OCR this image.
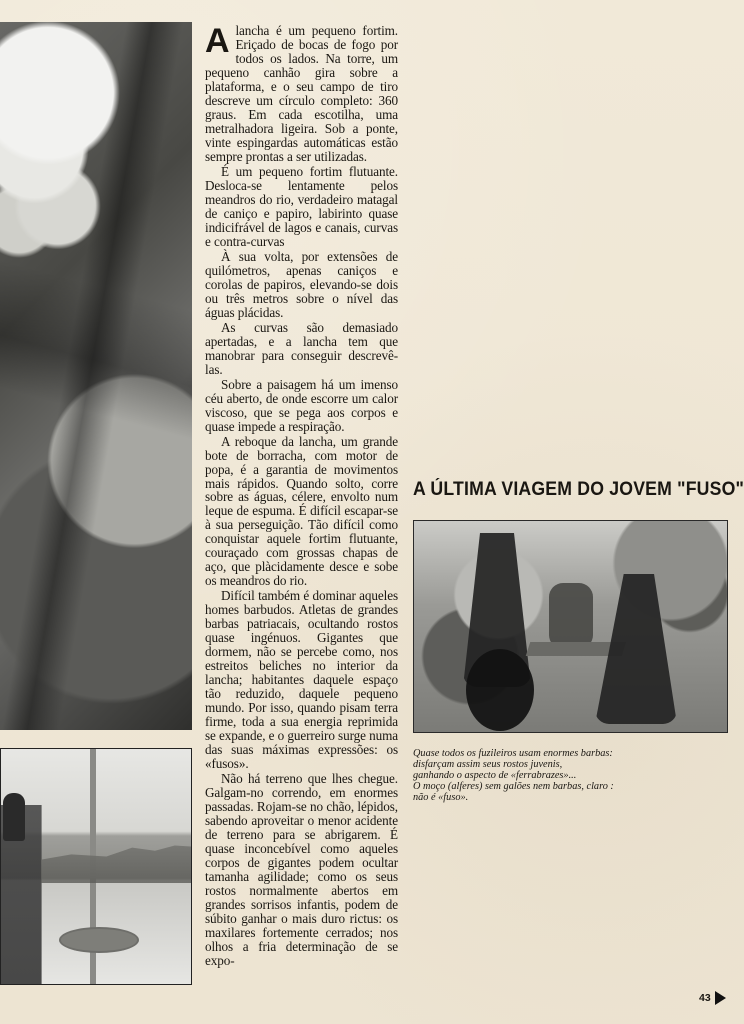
Alancha é um pequeno fortim. Eriçado de bocas de fogo por todos os lados. Na torre, um pequeno canhão gira sobre a plataforma, e o seu campo de tiro descreve um círculo completo: 360 graus. Em cada escotilha, uma metralhadora ligeira. Sob a ponte, vinte espingardas automáticas estão sempre prontas a ser utilizadas.

É um pequeno fortim flutuante. Desloca-se lentamente pelos meandros do rio, verdadeiro matagal de caniço e papiro, labirinto quase indicifrável de lagos e canais, curvas e contra-curvas

À sua volta, por extensões de quilómetros, apenas caniços e corolas de papiros, elevando-se dois ou três metros sobre o nível das águas plácidas.

As curvas são demasiado apertadas, e a lancha tem que manobrar para conseguir descrevê-las.

Sobre a paisagem há um imenso céu aberto, de onde escorre um calor viscoso, que se pega aos corpos e quase impede a respiração.

A reboque da lancha, um grande bote de borracha, com motor de popa, é a garantia de movimentos mais rápidos. Quando solto, corre sobre as águas, célere, envolto num leque de espuma. É difícil escapar-se à sua perseguição. Tão difícil como conquistar aquele fortim flutuante, couraçado com grossas chapas de aço, que plàcidamente desce e sobe os meandros do rio.

Difícil também é dominar aqueles homes barbudos. Atletas de grandes barbas patriacais, ocultando rostos quase ingénuos. Gigantes que dormem, não se percebe como, nos estreitos beliches no interior da lancha; habitantes daquele espaço tão reduzido, daquele pequeno mundo. Por isso, quando pisam terra firme, toda a sua energia reprimida se expande, e o guerreiro surge numa das suas máximas expressões: os «fusos».

Não há terreno que lhes chegue. Galgam-no correndo, em enormes passadas. Rojam-se no chão, lépidos, sabendo aproveitar o menor acidente de terreno para se abrigarem. É quase inconcebível como aqueles corpos de gigantes podem ocultar tamanha agilidade; como os seus rostos normalmente abertos em grandes sorrisos infantis, podem de súbito ganhar o mais duro rictus: os maxilares fortemente cerrados; nos olhos a fria determinação de se expo-

A ÚLTIMA VIAGEM DO JOVEM "FUSO"

Quase todos os fuzileiros usam enormes barbas:
disfarçam assim seus rostos juvenis,
ganhando o aspecto de «ferrabrazes»...
O moço (alferes) sem galões nem barbas, claro :
não é «fuso».

43
